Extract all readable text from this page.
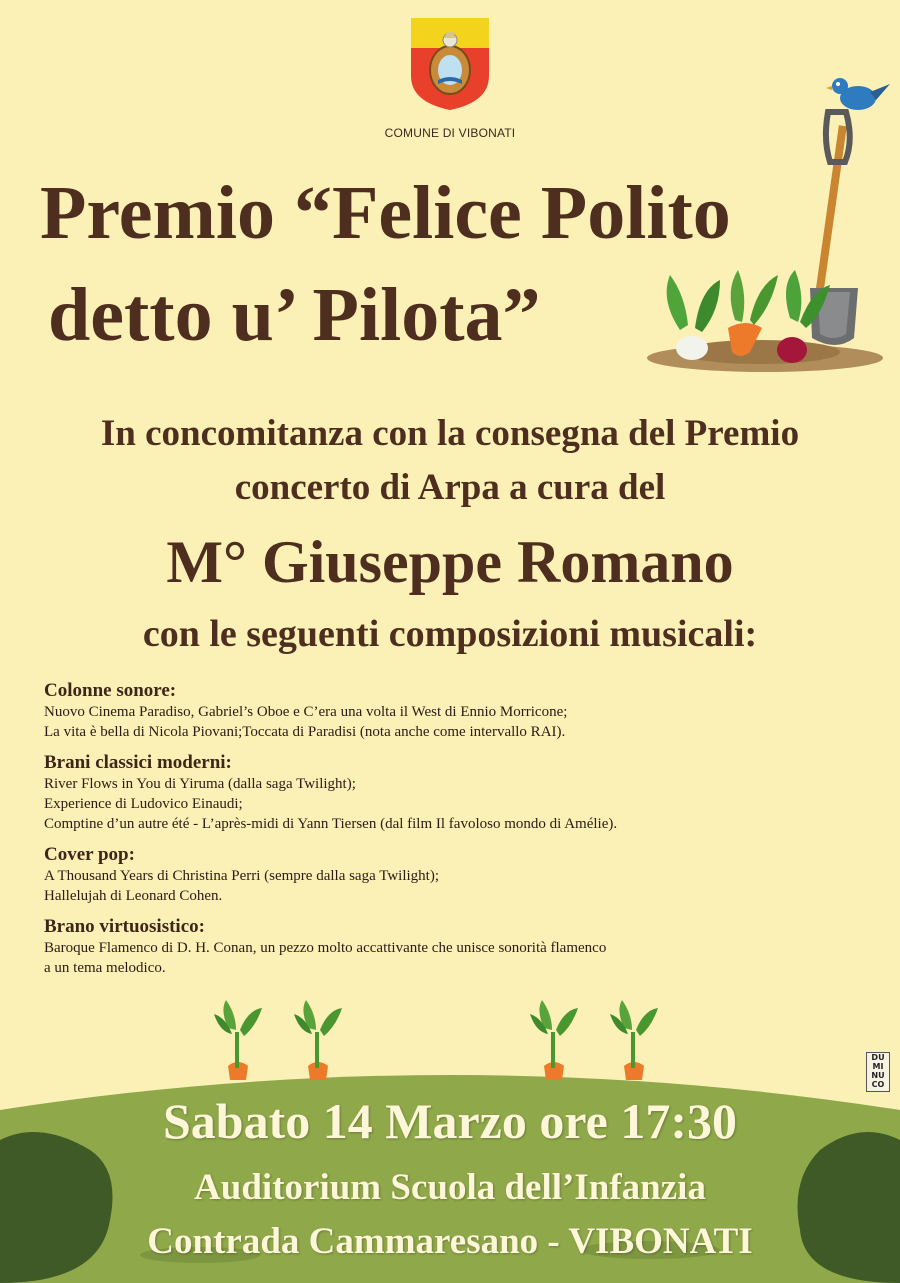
COMUNE DI VIBONATI
Premio “Felice Polito
detto u’ Pilota”
In concomitanza con la consegna del Premio
concerto di Arpa a cura del
M° Giuseppe Romano
con le seguenti composizioni musicali:
Colonne sonore:

Nuovo Cinema Paradiso, Gabriel’s Oboe e C’era una volta il West di Ennio Morricone;

La vita è bella di Nicola Piovani;Toccata di Paradisi (nota anche come intervallo RAI).

Brani classici moderni:

River Flows in You di Yiruma (dalla saga Twilight);

Experience di Ludovico Einaudi;

Comptine d’un autre été - L’après-midi di Yann Tiersen (dal film Il favoloso mondo di Amélie).

Cover pop:

A Thousand Years di Christina Perri (sempre dalla saga Twilight);

Hallelujah di Leonard Cohen.

Brano virtuosistico:

Baroque Flamenco di D. H. Conan, un pezzo molto accattivante che unisce sonorità flamenco

a un tema melodico.

DU MI NU CO
Sabato 14 Marzo ore 17:30
Auditorium Scuola dell’Infanzia
Contrada Cammaresano - VIBONATI
